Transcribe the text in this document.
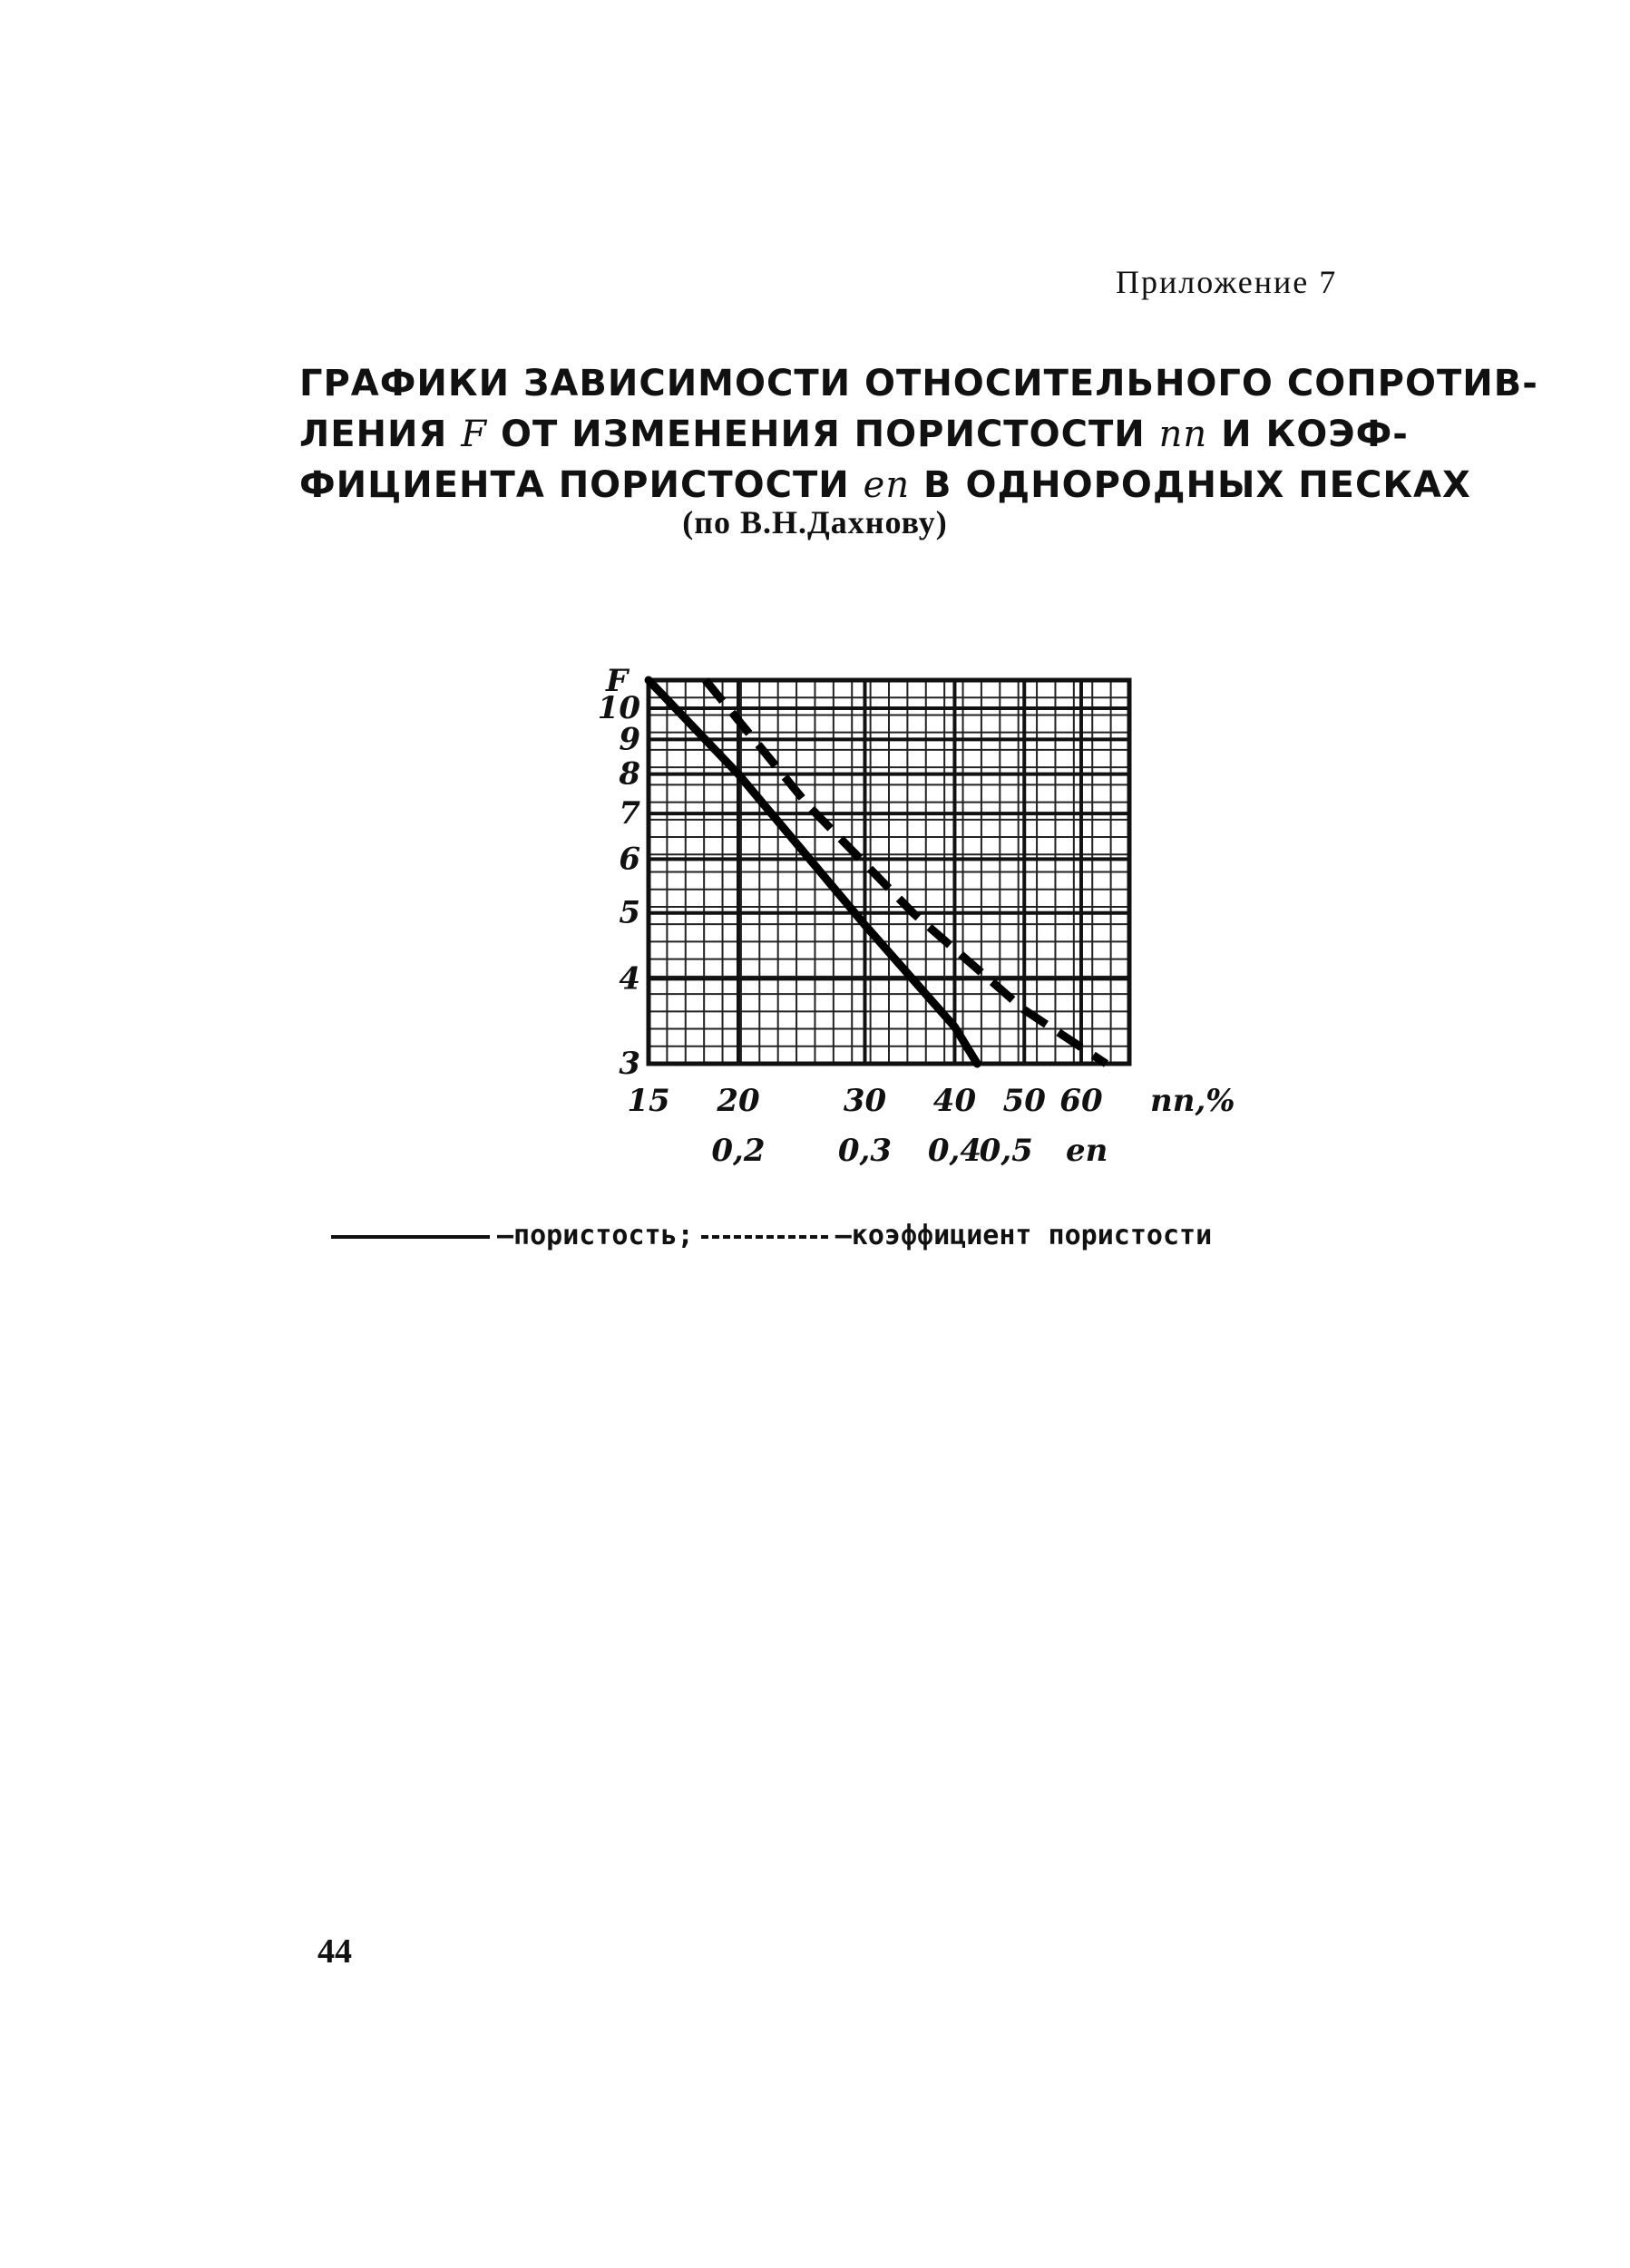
Приложение 7
ГРАФИКИ ЗАВИСИМОСТИ ОТНОСИТЕЛЬНОГО СОПРОТИВ-
ЛЕНИЯ F ОТ ИЗМЕНЕНИЯ ПОРИСТОСТИ nп И КОЭФ-
ФИЦИЕНТА ПОРИСТОСТИ eп В ОДНОРОДНЫХ ПЕСКАХ
(по В.Н.Дахнову)
F
3
4
5
6
7
8
9
10
15 20	30 40 50 60 nп,%
0,2 0,3 0,4
0,5 eп
–пористость;	–коэффициент пористости
44
